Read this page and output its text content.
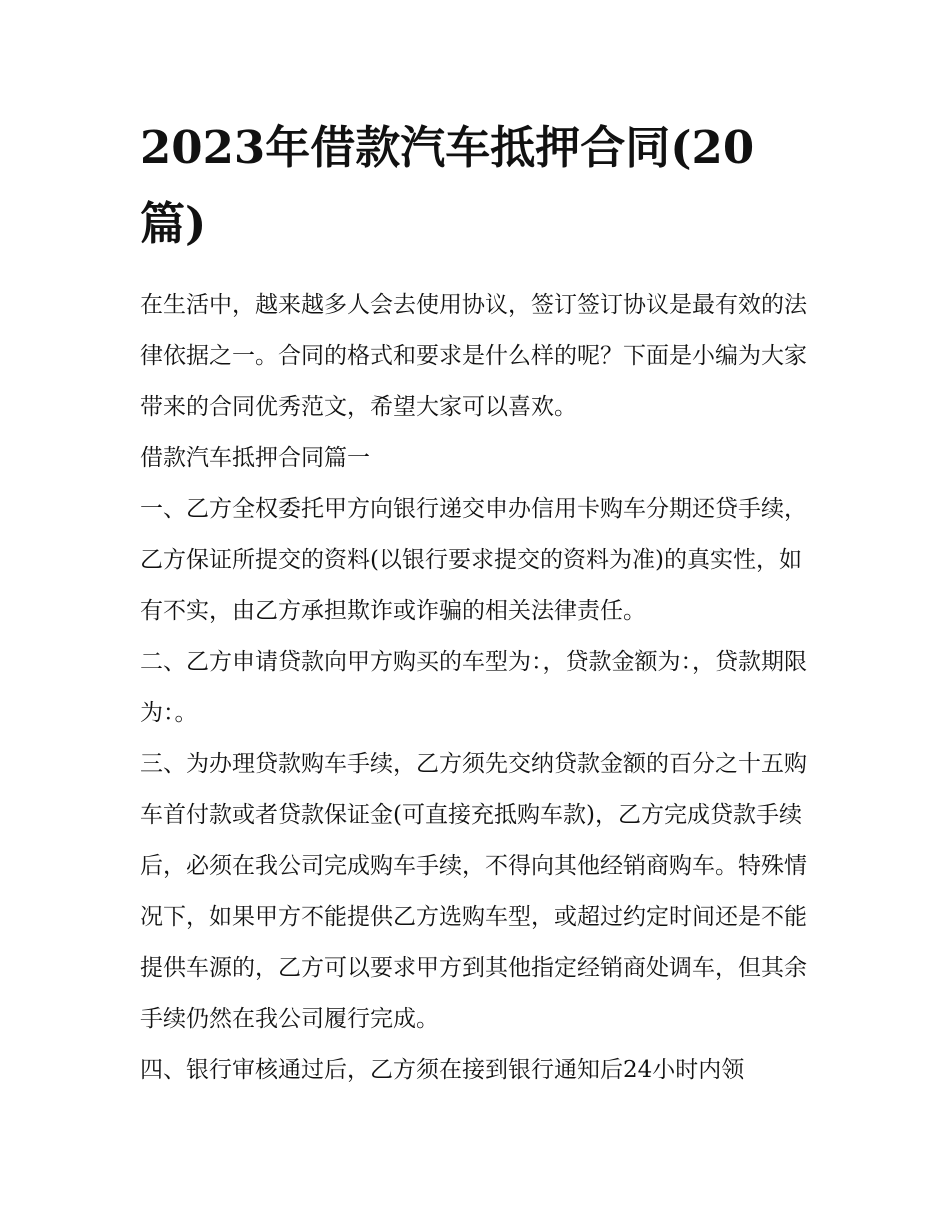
2023年借款汽车抵押合同(20篇)

在生活中，越来越多人会去使用协议，签订签订协议是最有效的法律依据之一。合同的格式和要求是什么样的呢？下面是小编为大家带来的合同优秀范文，希望大家可以喜欢。

借款汽车抵押合同篇一

一、乙方全权委托甲方向银行递交申办信用卡购车分期还贷手续，乙方保证所提交的资料(以银行要求提交的资料为准)的真实性，如有不实，由乙方承担欺诈或诈骗的相关法律责任。

二、乙方申请贷款向甲方购买的车型为：，贷款金额为：，贷款期限为：。

三、为办理贷款购车手续，乙方须先交纳贷款金额的百分之十五购车首付款或者贷款保证金(可直接充抵购车款)，乙方完成贷款手续后，必须在我公司完成购车手续，不得向其他经销商购车。特殊情况下，如果甲方不能提供乙方选购车型，或超过约定时间还是不能提供车源的，乙方可以要求甲方到其他指定经销商处调车，但其余手续仍然在我公司履行完成。

四、银行审核通过后，乙方须在接到银行通知后24小时内领
